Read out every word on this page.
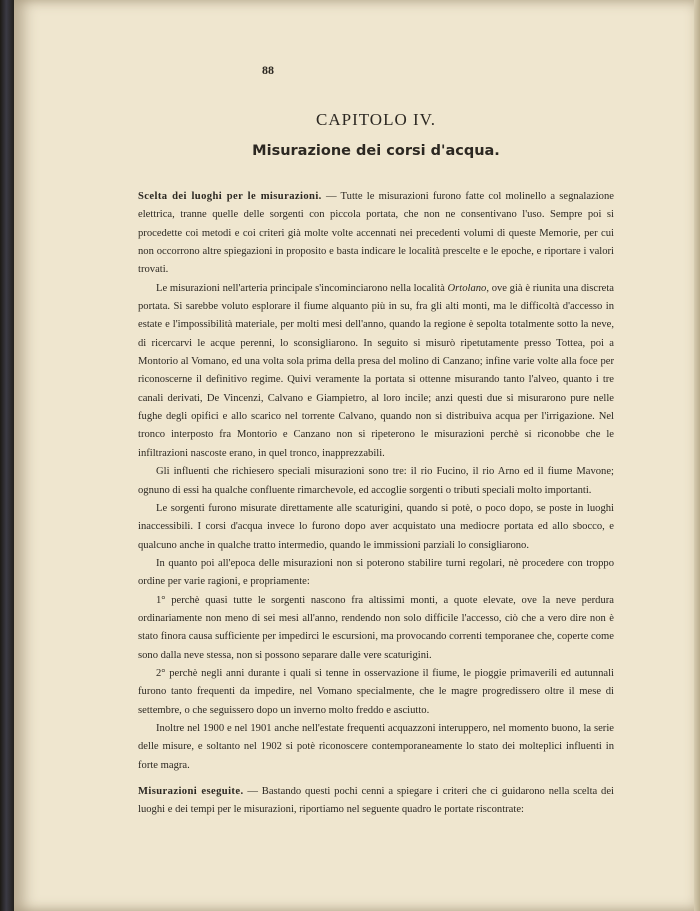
88
CAPITOLO IV.
Misurazione dei corsi d'acqua.

Scelta dei luoghi per le misurazioni. — Tutte le misurazioni furono fatte col molinello a segnalazione elettrica, tranne quelle delle sorgenti con piccola portata, che non ne consentivano l'uso. Sempre poi si procedette coi metodi e coi criteri già molte volte accennati nei precedenti volumi di queste Memorie, per cui non occorrono altre spiegazioni in proposito e basta indicare le località prescelte e le epoche, e riportare i valori trovati.

Le misurazioni nell'arteria principale s'incominciarono nella località Ortolano, ove già è riunita una discreta portata. Si sarebbe voluto esplorare il fiume alquanto più in su, fra gli alti monti, ma le difficoltà d'accesso in estate e l'impossibilità materiale, per molti mesi dell'anno, quando la regione è sepolta totalmente sotto la neve, di ricercarvi le acque perenni, lo sconsigliarono. In seguito si misurò ripetutamente presso Tottea, poi a Montorio al Vomano, ed una volta sola prima della presa del molino di Canzano; infine varie volte alla foce per riconoscerne il definitivo regime. Quivi veramente la portata si ottenne misurando tanto l'alveo, quanto i tre canali derivati, De Vincenzi, Calvano e Giampietro, al loro incile; anzi questi due si misurarono pure nelle fughe degli opifici e allo scarico nel torrente Calvano, quando non si distribuiva acqua per l'irrigazione. Nel tronco interposto fra Montorio e Canzano non si ripeterono le misurazioni perchè si riconobbe che le infiltrazioni nascoste erano, in quel tronco, inapprezzabili.

Gli influenti che richiesero speciali misurazioni sono tre: il rio Fucino, il rio Arno ed il fiume Mavone; ognuno di essi ha qualche confluente rimarchevole, ed accoglie sorgenti o tributi speciali molto importanti.

Le sorgenti furono misurate direttamente alle scaturigini, quando si potè, o poco dopo, se poste in luoghi inaccessibili. I corsi d'acqua invece lo furono dopo aver acquistato una mediocre portata ed allo sbocco, e qualcuno anche in qualche tratto intermedio, quando le immissioni parziali lo consigliarono.

In quanto poi all'epoca delle misurazioni non si poterono stabilire turni regolari, nè procedere con troppo ordine per varie ragioni, e propriamente:

1° perchè quasi tutte le sorgenti nascono fra altissimi monti, a quote elevate, ove la neve perdura ordinariamente non meno di sei mesi all'anno, rendendo non solo difficile l'accesso, ciò che a vero dire non è stato finora causa sufficiente per impedirci le escursioni, ma provocando correnti temporanee che, coperte come sono dalla neve stessa, non si possono separare dalle vere scaturigini.

2° perchè negli anni durante i quali si tenne in osservazione il fiume, le pioggie primaverili ed autunnali furono tanto frequenti da impedire, nel Vomano specialmente, che le magre progredissero oltre il mese di settembre, o che seguissero dopo un inverno molto freddo e asciutto.

Inoltre nel 1900 e nel 1901 anche nell'estate frequenti acquazzoni interuppero, nel momento buono, la serie delle misure, e soltanto nel 1902 si potè riconoscere contemporaneamente lo stato dei molteplici influenti in forte magra.

Misurazioni eseguite. — Bastando questi pochi cenni a spiegare i criteri che ci guidarono nella scelta dei luoghi e dei tempi per le misurazioni, riportiamo nel seguente quadro le portate riscontrate:
